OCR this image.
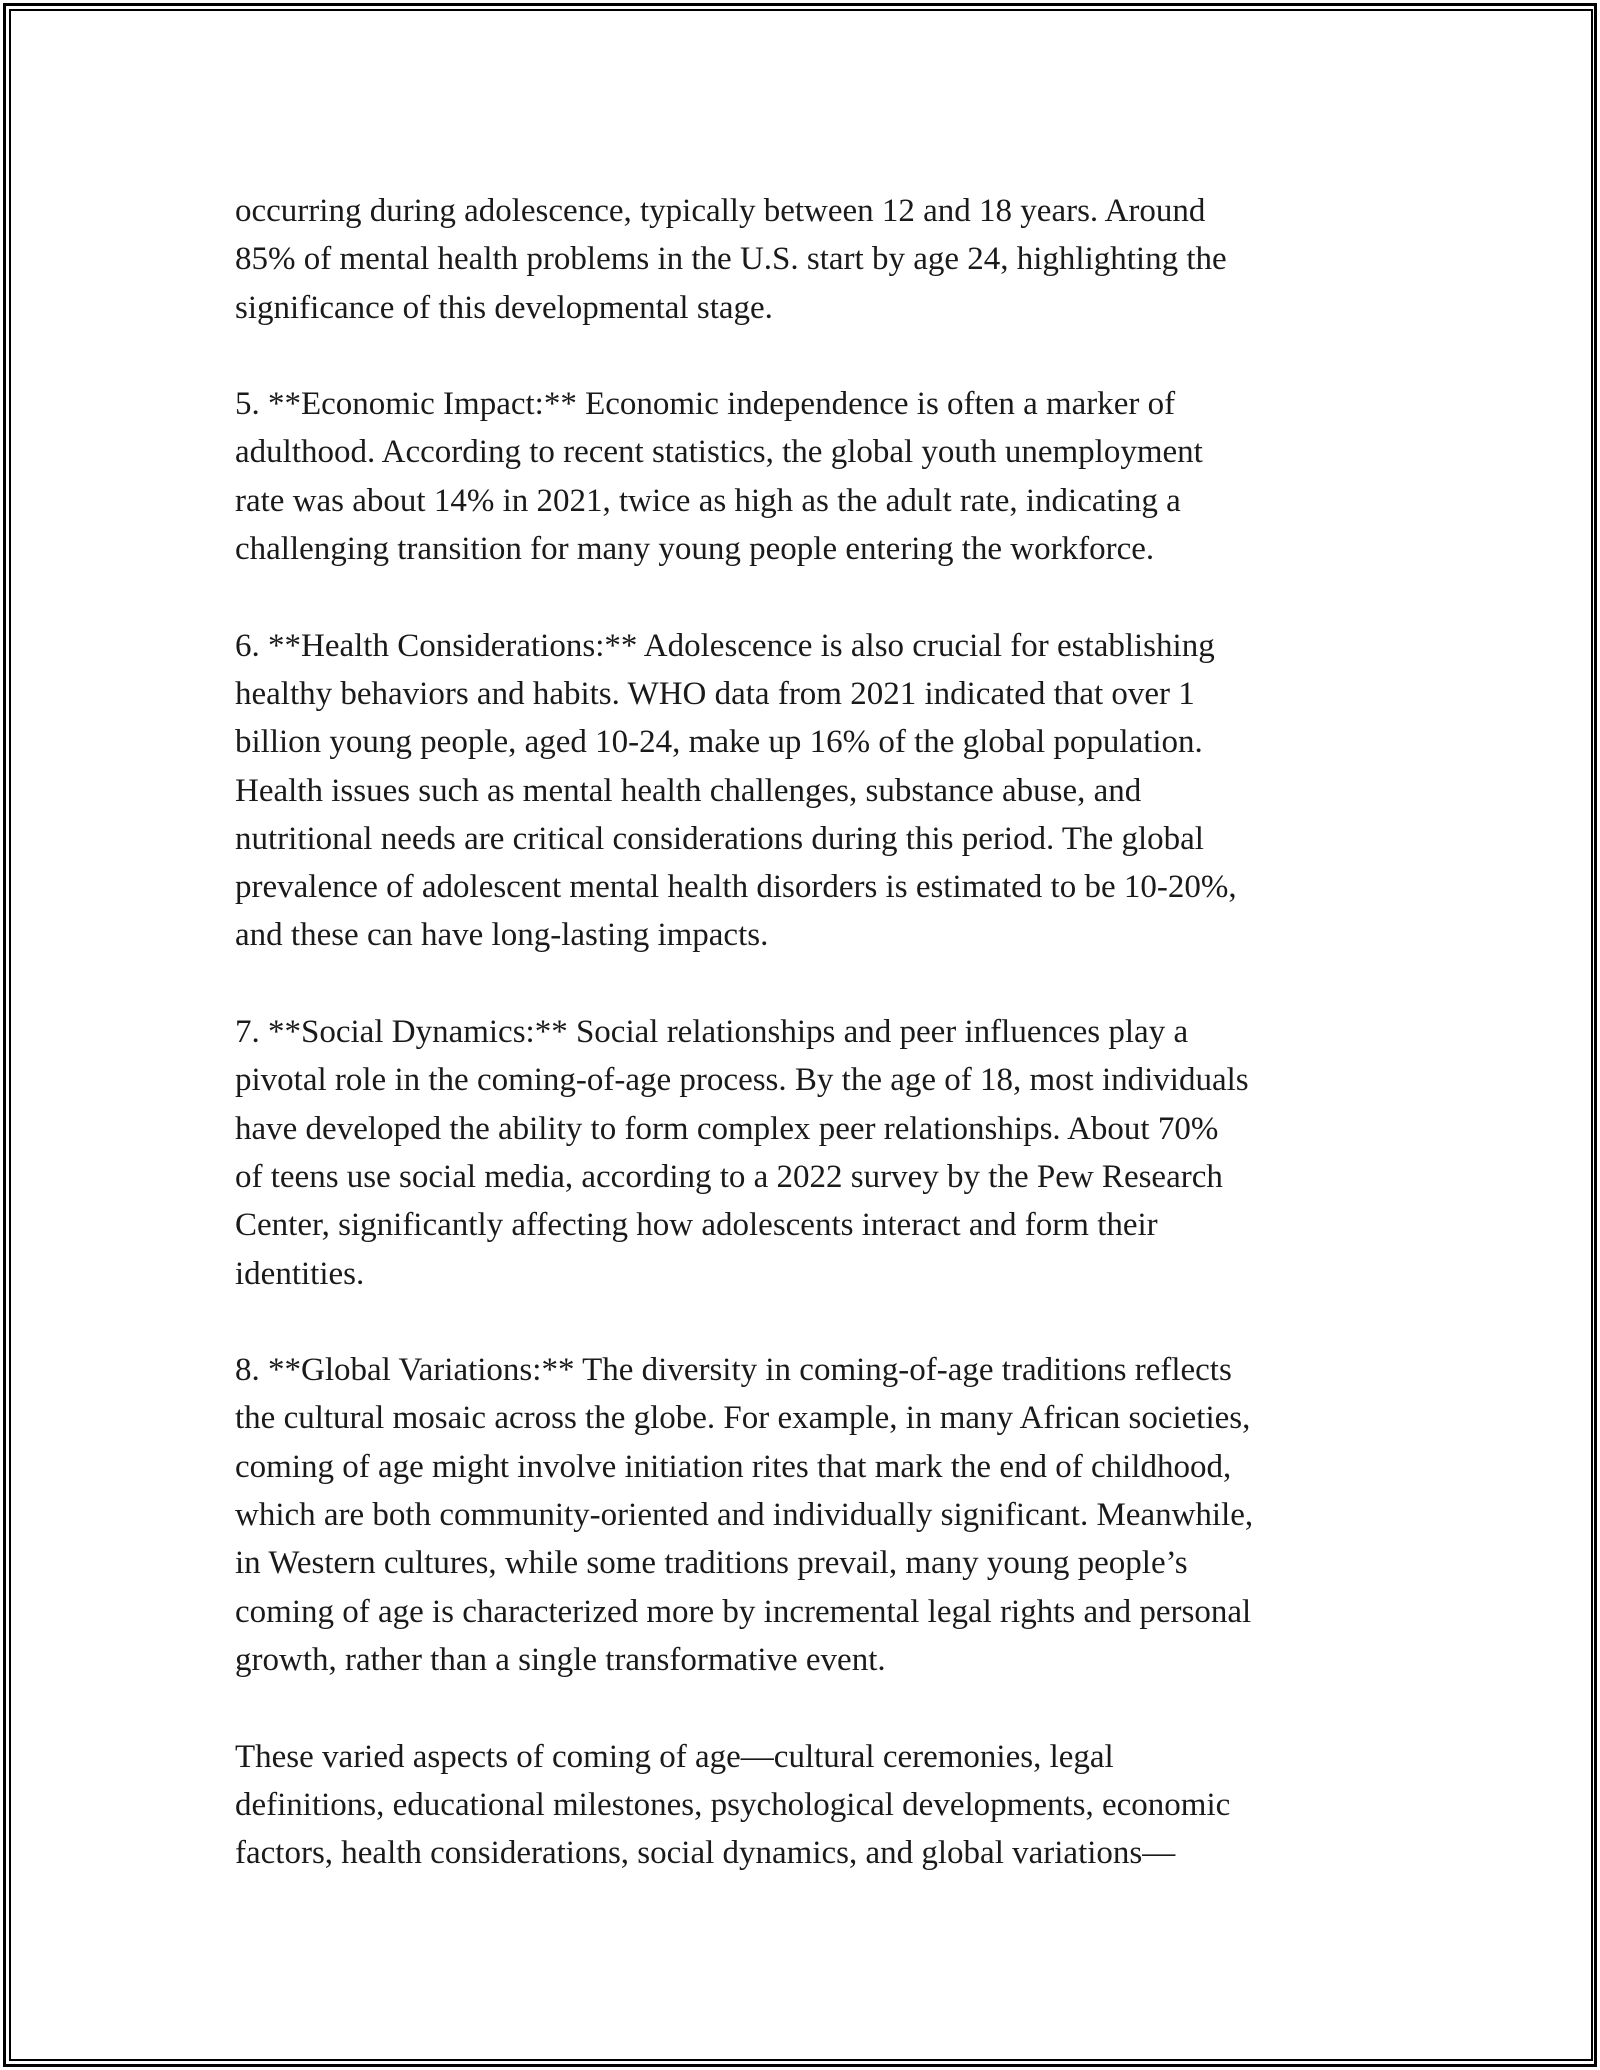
occurring during adolescence, typically between 12 and 18 years. Around
85% of mental health problems in the U.S. start by age 24, highlighting the
significance of this developmental stage.
5. **Economic Impact:** Economic independence is often a marker of
adulthood. According to recent statistics, the global youth unemployment
rate was about 14% in 2021, twice as high as the adult rate, indicating a
challenging transition for many young people entering the workforce.
6. **Health Considerations:** Adolescence is also crucial for establishing
healthy behaviors and habits. WHO data from 2021 indicated that over 1
billion young people, aged 10-24, make up 16% of the global population.
Health issues such as mental health challenges, substance abuse, and
nutritional needs are critical considerations during this period. The global
prevalence of adolescent mental health disorders is estimated to be 10-20%,
and these can have long-lasting impacts.
7. **Social Dynamics:** Social relationships and peer influences play a
pivotal role in the coming-of-age process. By the age of 18, most individuals
have developed the ability to form complex peer relationships. About 70%
of teens use social media, according to a 2022 survey by the Pew Research
Center, significantly affecting how adolescents interact and form their
identities.
8. **Global Variations:** The diversity in coming-of-age traditions reflects
the cultural mosaic across the globe. For example, in many African societies,
coming of age might involve initiation rites that mark the end of childhood,
which are both community-oriented and individually significant. Meanwhile,
in Western cultures, while some traditions prevail, many young people’s
coming of age is characterized more by incremental legal rights and personal
growth, rather than a single transformative event.
These varied aspects of coming of age—cultural ceremonies, legal
definitions, educational milestones, psychological developments, economic
factors, health considerations, social dynamics, and global variations—
